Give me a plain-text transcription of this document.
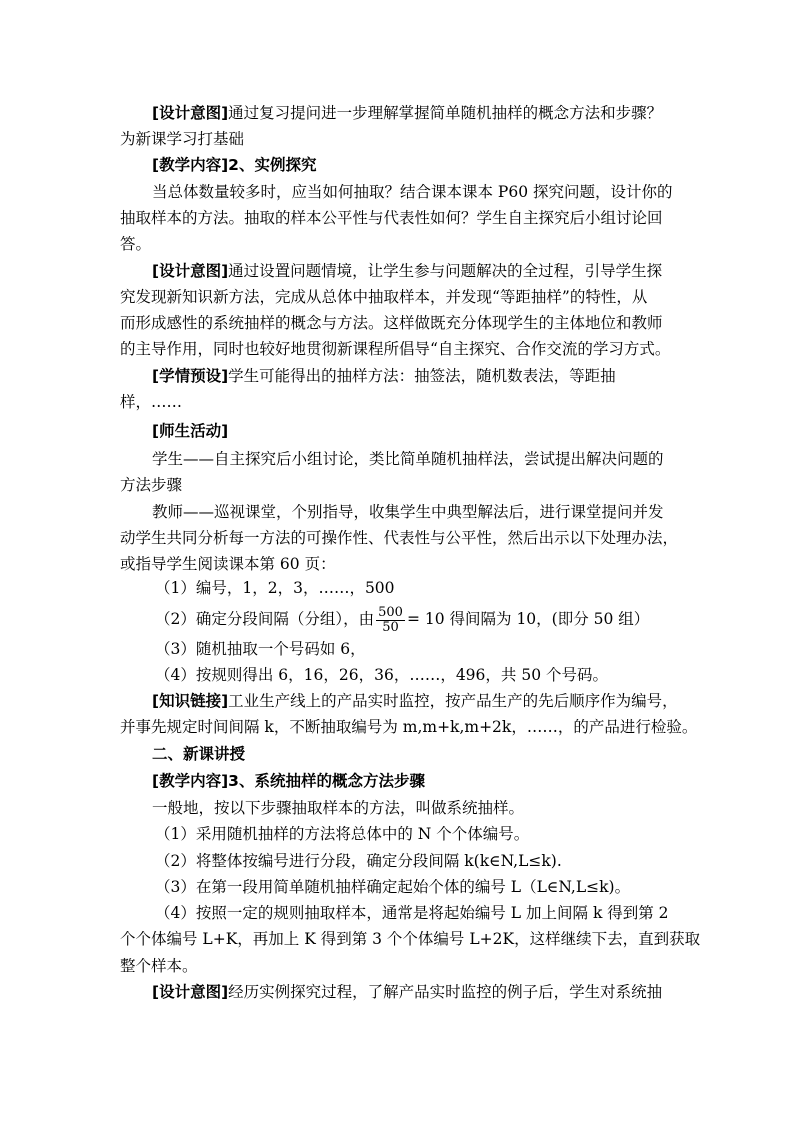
[设计意图]通过复习提问进一步理解掌握简单随机抽样的概念方法和步骤？
为新课学习打基础
[教学内容]2、实例探究
当总体数量较多时，应当如何抽取？结合课本课本 P60 探究问题，设计你的
抽取样本的方法。抽取的样本公平性与代表性如何？学生自主探究后小组讨论回
答。
[设计意图]通过设置问题情境，让学生参与问题解决的全过程，引导学生探
究发现新知识新方法，完成从总体中抽取样本，并发现“等距抽样”的特性，从
而形成感性的系统抽样的概念与方法。这样做既充分体现学生的主体地位和教师
的主导作用，同时也较好地贯彻新课程所倡导“自主探究、合作交流的学习方式。
[学情预设]学生可能得出的抽样方法：抽签法，随机数表法，等距抽
样，……
[师生活动]
学生——自主探究后小组讨论，类比简单随机抽样法，尝试提出解决问题的
方法步骤
教师——巡视课堂，个别指导，收集学生中典型解法后，进行课堂提问并发
动学生共同分析每一方法的可操作性、代表性与公平性，然后出示以下处理办法，
或指导学生阅读课本第 60 页：
（1）编号，1，2，3，……，500
（2）确定分段间隔（分组），由 $\frac{500}{50} = 10$ 得间隔为 10，(即分 50 组）
（3）随机抽取一个号码如 6，
（4）按规则得出 6，16，26，36，……，496，共 50 个号码。
[知识链接]工业生产线上的产品实时监控，按产品生产的先后顺序作为编号，
并事先规定时间间隔 k，不断抽取编号为 m,m+k,m+2k，……，的产品进行检验。
二、新课讲授
[教学内容]3、系统抽样的概念方法步骤
一般地，按以下步骤抽取样本的方法，叫做系统抽样。
（1）采用随机抽样的方法将总体中的 N 个个体编号。
（2）将整体按编号进行分段，确定分段间隔 k(k∈N,L≤k).
（3）在第一段用简单随机抽样确定起始个体的编号 L（L∈N,L≤k)。
（4）按照一定的规则抽取样本，通常是将起始编号 L 加上间隔 k 得到第 2
个个体编号 L+K，再加上 K 得到第 3 个个体编号 L+2K，这样继续下去，直到获取
整个样本。
[设计意图]经历实例探究过程，了解产品实时监控的例子后，学生对系统抽
